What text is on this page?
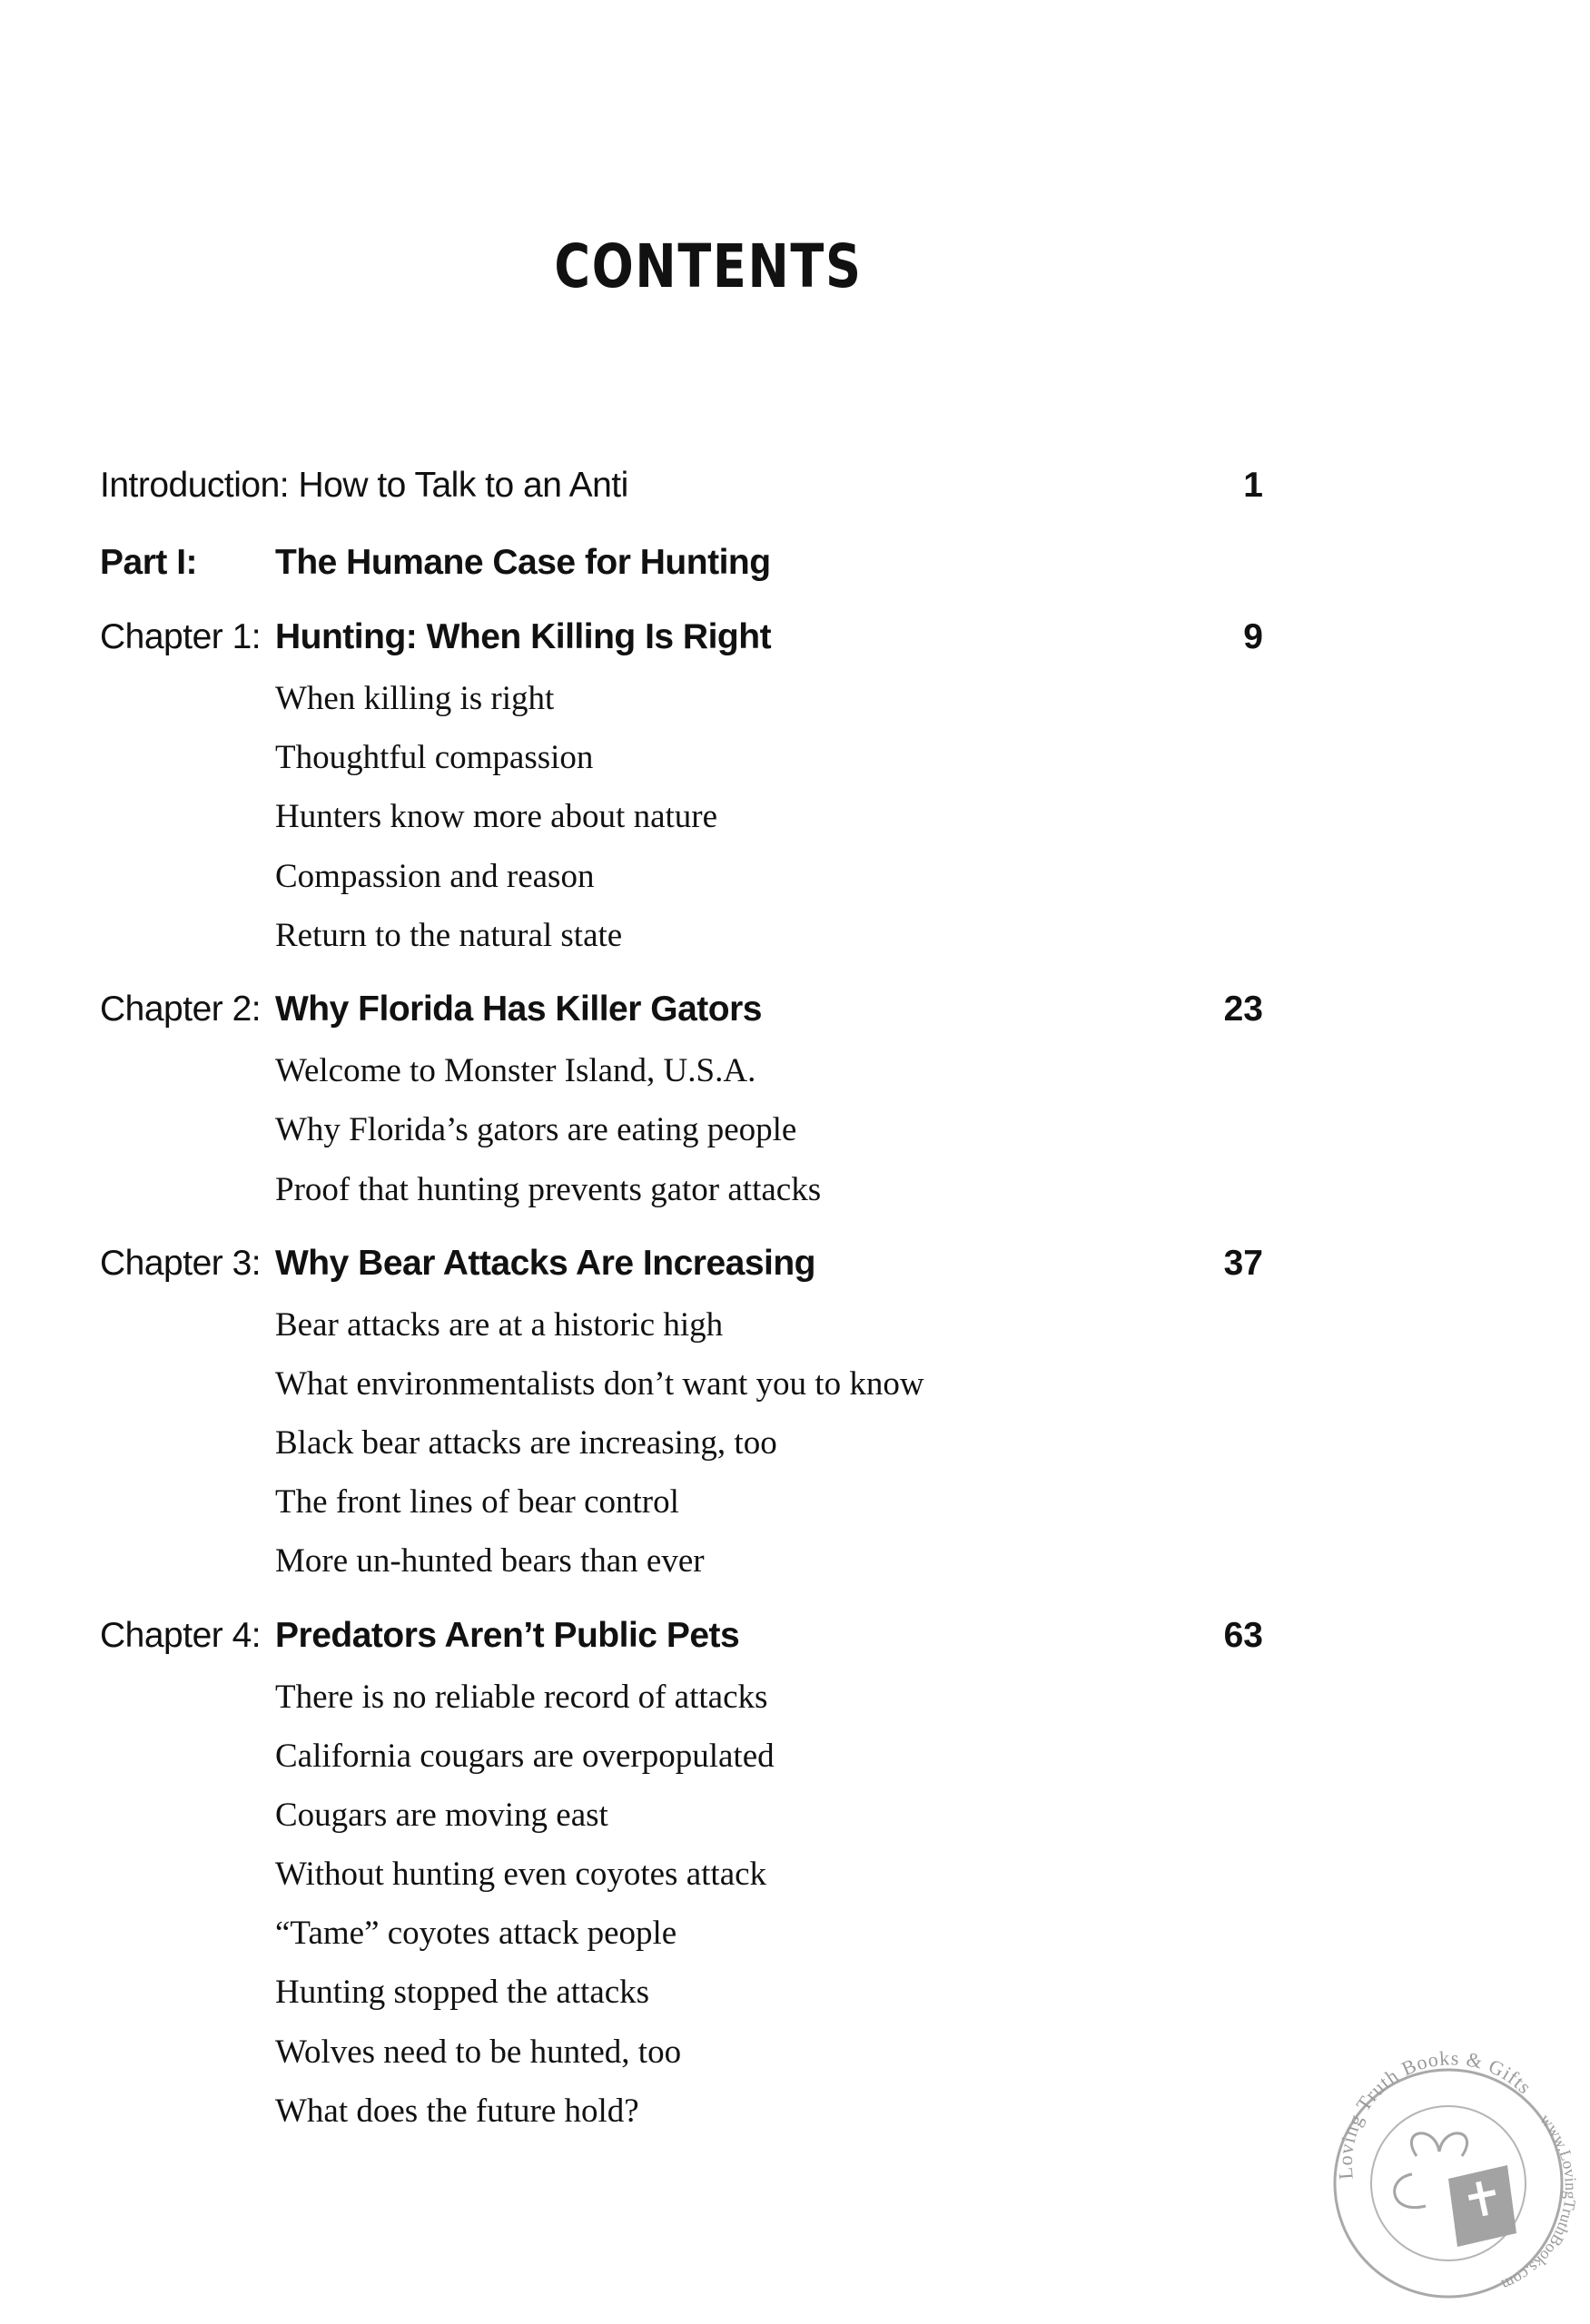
CONTENTS
Introduction: How to Talk to an Anti	1
Part I: The Humane Case for Hunting
Chapter 1: Hunting: When Killing Is Right	9
When killing is right
Thoughtful compassion
Hunters know more about nature
Compassion and reason
Return to the natural state
Chapter 2: Why Florida Has Killer Gators	23
Welcome to Monster Island, U.S.A.
Why Florida’s gators are eating people
Proof that hunting prevents gator attacks
Chapter 3: Why Bear Attacks Are Increasing	37
Bear attacks are at a historic high
What environmentalists don’t want you to know
Black bear attacks are increasing, too
The front lines of bear control
More un-hunted bears than ever
Chapter 4: Predators Aren’t Public Pets	63
There is no reliable record of attacks
California cougars are overpopulated
Cougars are moving east
Without hunting even coyotes attack
“Tame” coyotes attack people
Hunting stopped the attacks
Wolves need to be hunted, too
What does the future hold?
Loving Truth Books & Gifts
www.LovingTruthBooks.com
